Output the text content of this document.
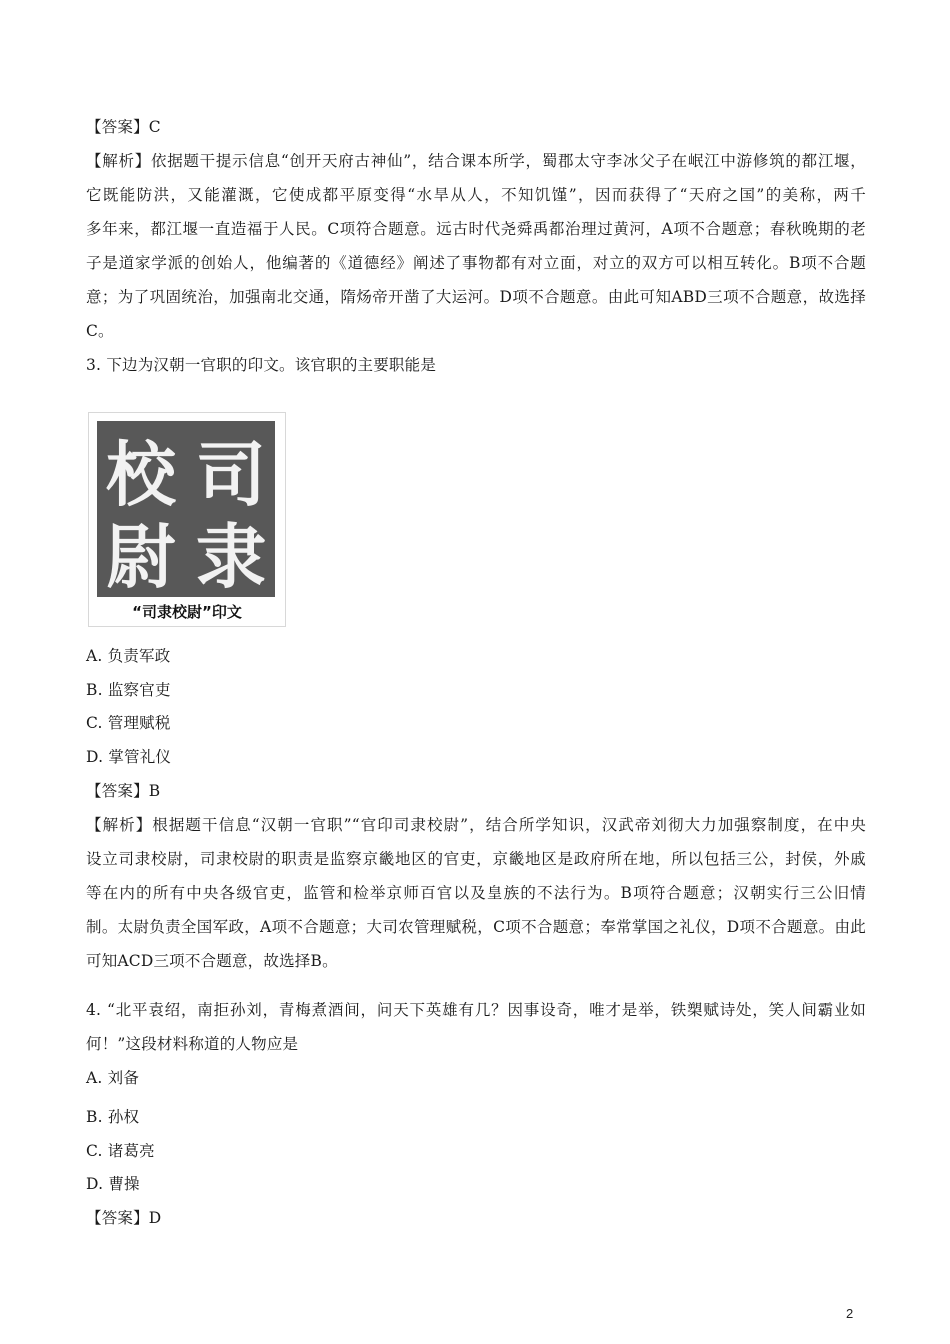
【答案】C
【解析】依据题干提示信息“创开天府古神仙”，结合课本所学，蜀郡太守李冰父子在岷江中游修筑的都江堰，
它既能防洪，又能灌溉，它使成都平原变得“水旱从人，不知饥馑”，因而获得了“天府之国”的美称，两千
多年来，都江堰一直造福于人民。C项符合题意。远古时代尧舜禹都治理过黄河，A项不合题意；春秋晚期的老
子是道家学派的创始人，他编著的《道德经》阐述了事物都有对立面，对立的双方可以相互转化。B项不合题
意；为了巩固统治，加强南北交通，隋炀帝开凿了大运河。D项不合题意。由此可知ABD三项不合题意，故选择
C。
3. 下边为汉朝一官职的印文。该官职的主要职能是
司
隶
校
尉
“司隶校尉”印文
A. 负责军政
B. 监察官吏
C. 管理赋税
D. 掌管礼仪
【答案】B
【解析】根据题干信息“汉朝一官职”“官印司隶校尉”，结合所学知识，汉武帝刘彻大力加强察制度，在中央
设立司隶校尉，司隶校尉的职责是监察京畿地区的官吏，京畿地区是政府所在地，所以包括三公，封侯，外戚
等在内的所有中央各级官吏，监管和检举京师百官以及皇族的不法行为。B项符合题意；汉朝实行三公旧情
制。太尉负责全国军政，A项不合题意；大司农管理赋税，C项不合题意；奉常掌国之礼仪，D项不合题意。由此
可知ACD三项不合题意，故选择B。
4. “北平袁绍，南拒孙刘，青梅煮酒间，问天下英雄有几？因事设奇，唯才是举，铁槊赋诗处，笑人间霸业如
何！”这段材料称道的人物应是
A. 刘备
B. 孙权
C. 诸葛亮
D. 曹操
【答案】D
2
